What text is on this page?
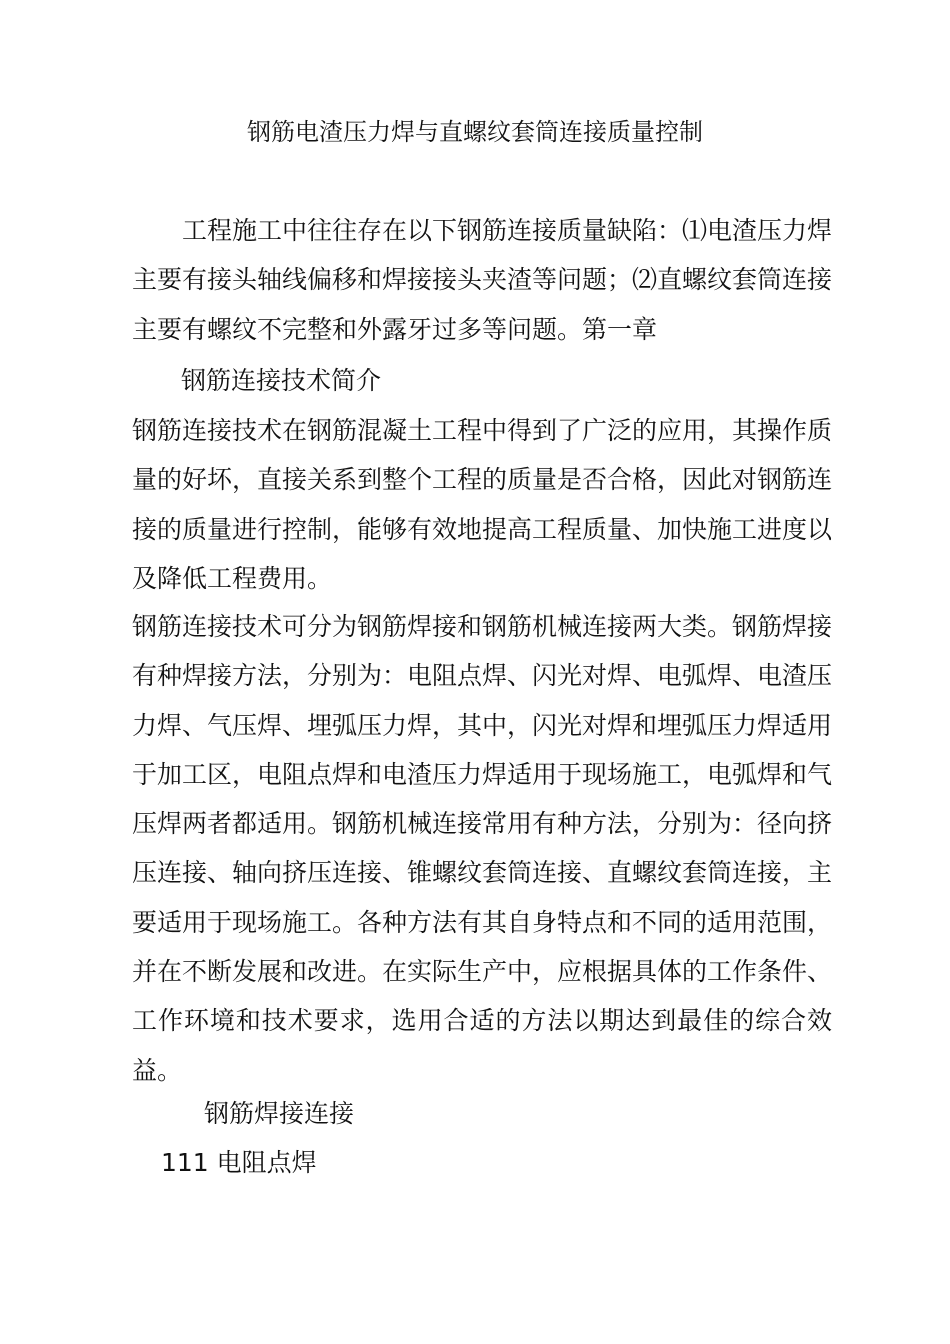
钢筋电渣压力焊与直螺纹套筒连接质量控制
工程施工中往往存在以下钢筋连接质量缺陷：⑴电渣压力焊主要有接头轴线偏移和焊接接头夹渣等问题；⑵直螺纹套筒连接主要有螺纹不完整和外露牙过多等问题。第一章
钢筋连接技术简介
钢筋连接技术在钢筋混凝土工程中得到了广泛的应用，其操作质量的好坏，直接关系到整个工程的质量是否合格，因此对钢筋连接的质量进行控制，能够有效地提高工程质量、加快施工进度以及降低工程费用。
钢筋连接技术可分为钢筋焊接和钢筋机械连接两大类。钢筋焊接有种焊接方法，分别为：电阻点焊、闪光对焊、电弧焊、电渣压力焊、气压焊、埋弧压力焊，其中，闪光对焊和埋弧压力焊适用于加工区，电阻点焊和电渣压力焊适用于现场施工，电弧焊和气压焊两者都适用。钢筋机械连接常用有种方法，分别为：径向挤压连接、轴向挤压连接、锥螺纹套筒连接、直螺纹套筒连接，主要适用于现场施工。各种方法有其自身特点和不同的适用范围，并在不断发展和改进。在实际生产中，应根据具体的工作条件、工作环境和技术要求，选用合适的方法以期达到最佳的综合效益。
钢筋焊接连接
111 电阻点焊
